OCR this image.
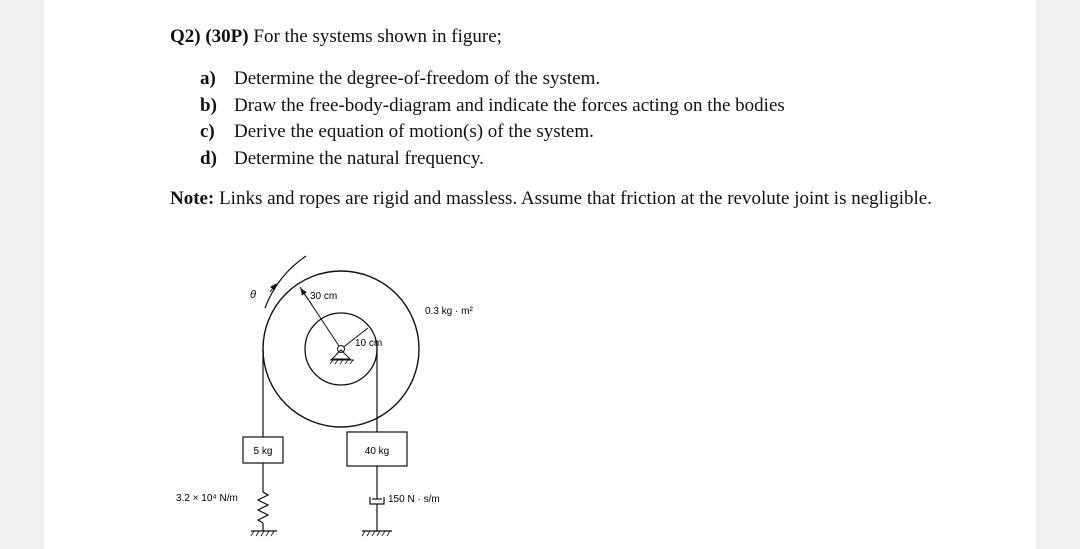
Q2) (30P) For the systems shown in figure;
a) Determine the degree-of-freedom of the system.
b) Draw the free-body-diagram and indicate the forces acting on the bodies
c) Derive the equation of motion(s) of the system.
d) Determine the natural frequency.
Note: Links and ropes are rigid and massless. Assume that friction at the revolute joint is negligible.
θ	30 cm
10 cm
0.3 kg · m²
5 kg
3.2 × 10⁴ N/m
40 kg
150 N · s/m
